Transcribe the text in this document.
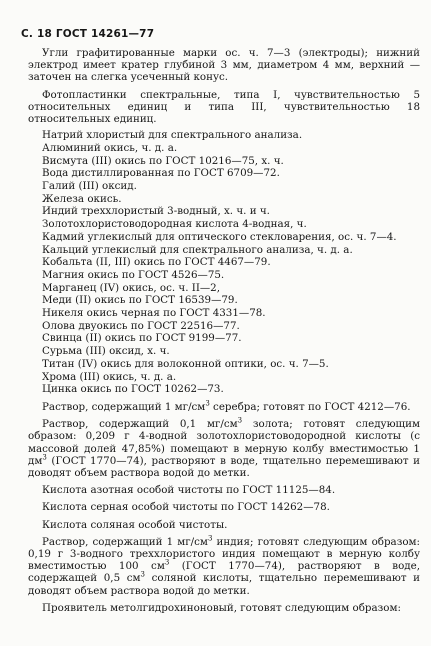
С. 18 ГОСТ 14261—77

Угли графитированные марки ос. ч. 7—3 (электроды); нижний электрод имеет кратер глубиной 3 мм, диаметром 4 мм, верхний — заточен на слегка усеченный конус.

Фотопластинки спектральные, типа I, чувствительностью 5 относительных единиц и типа III, чувствительностью 18 относительных единиц.

Натрий хлористый для спектрального анализа.
Алюминий окись, ч. д. а.
Висмута (III) окись по ГОСТ 10216—75, х. ч.
Вода дистиллированная по ГОСТ 6709—72.
Галий (III) оксид.
Железа окись.
Индий треххлористый 3-водный, х. ч. и ч.
Золотохлористоводородная кислота 4-водная, ч.
Кадмий углекислый для оптического стекловарения, ос. ч. 7—4.
Кальций углекислый для спектрального анализа, ч. д. а.
Кобальта (II, III) окись по ГОСТ 4467—79.
Магния окись по ГОСТ 4526—75.
Марганец (IV) окись, ос. ч. II—2,
Меди (II) окись по ГОСТ 16539—79.
Никеля окись черная по ГОСТ 4331—78.
Олова двуокись по ГОСТ 22516—77.
Свинца (II) окись по ГОСТ 9199—77.
Сурьма (III) оксид, х. ч.
Титан (IV) окись для волоконной оптики, ос. ч. 7—5.
Хрома (III) окись, ч. д. а.
Цинка окись по ГОСТ 10262—73.

Раствор, содержащий 1 $мг/см^3$ серебра; готовят по ГОСТ 4212—76.

Раствор, содержащий 0,1 $мг/см^3$ золота; готовят следующим образом: 0,209 г 4-водной золотохлористоводородной кислоты (с массовой долей 47,85%) помещают в мерную колбу вместимостью 1 $дм^3$ (ГОСТ 1770—74), растворяют в воде, тщательно перемешивают и доводят объем раствора водой до метки.

Кислота азотная особой чистоты по ГОСТ 11125—84.

Кислота серная особой чистоты по ГОСТ 14262—78.

Кислота соляная особой чистоты.

Раствор, содержащий 1 $мг/см^3$ индия; готовят следующим образом: 0,19 г 3-водного треххлористого индия помещают в мерную колбу вместимостью 100 $см^3$ (ГОСТ 1770—74), растворяют в воде, содержащей 0,5 $см^3$ соляной кислоты, тщательно перемешивают и доводят объем раствора водой до метки.

Проявитель метолгидрохиноновый, готовят следующим образом:
